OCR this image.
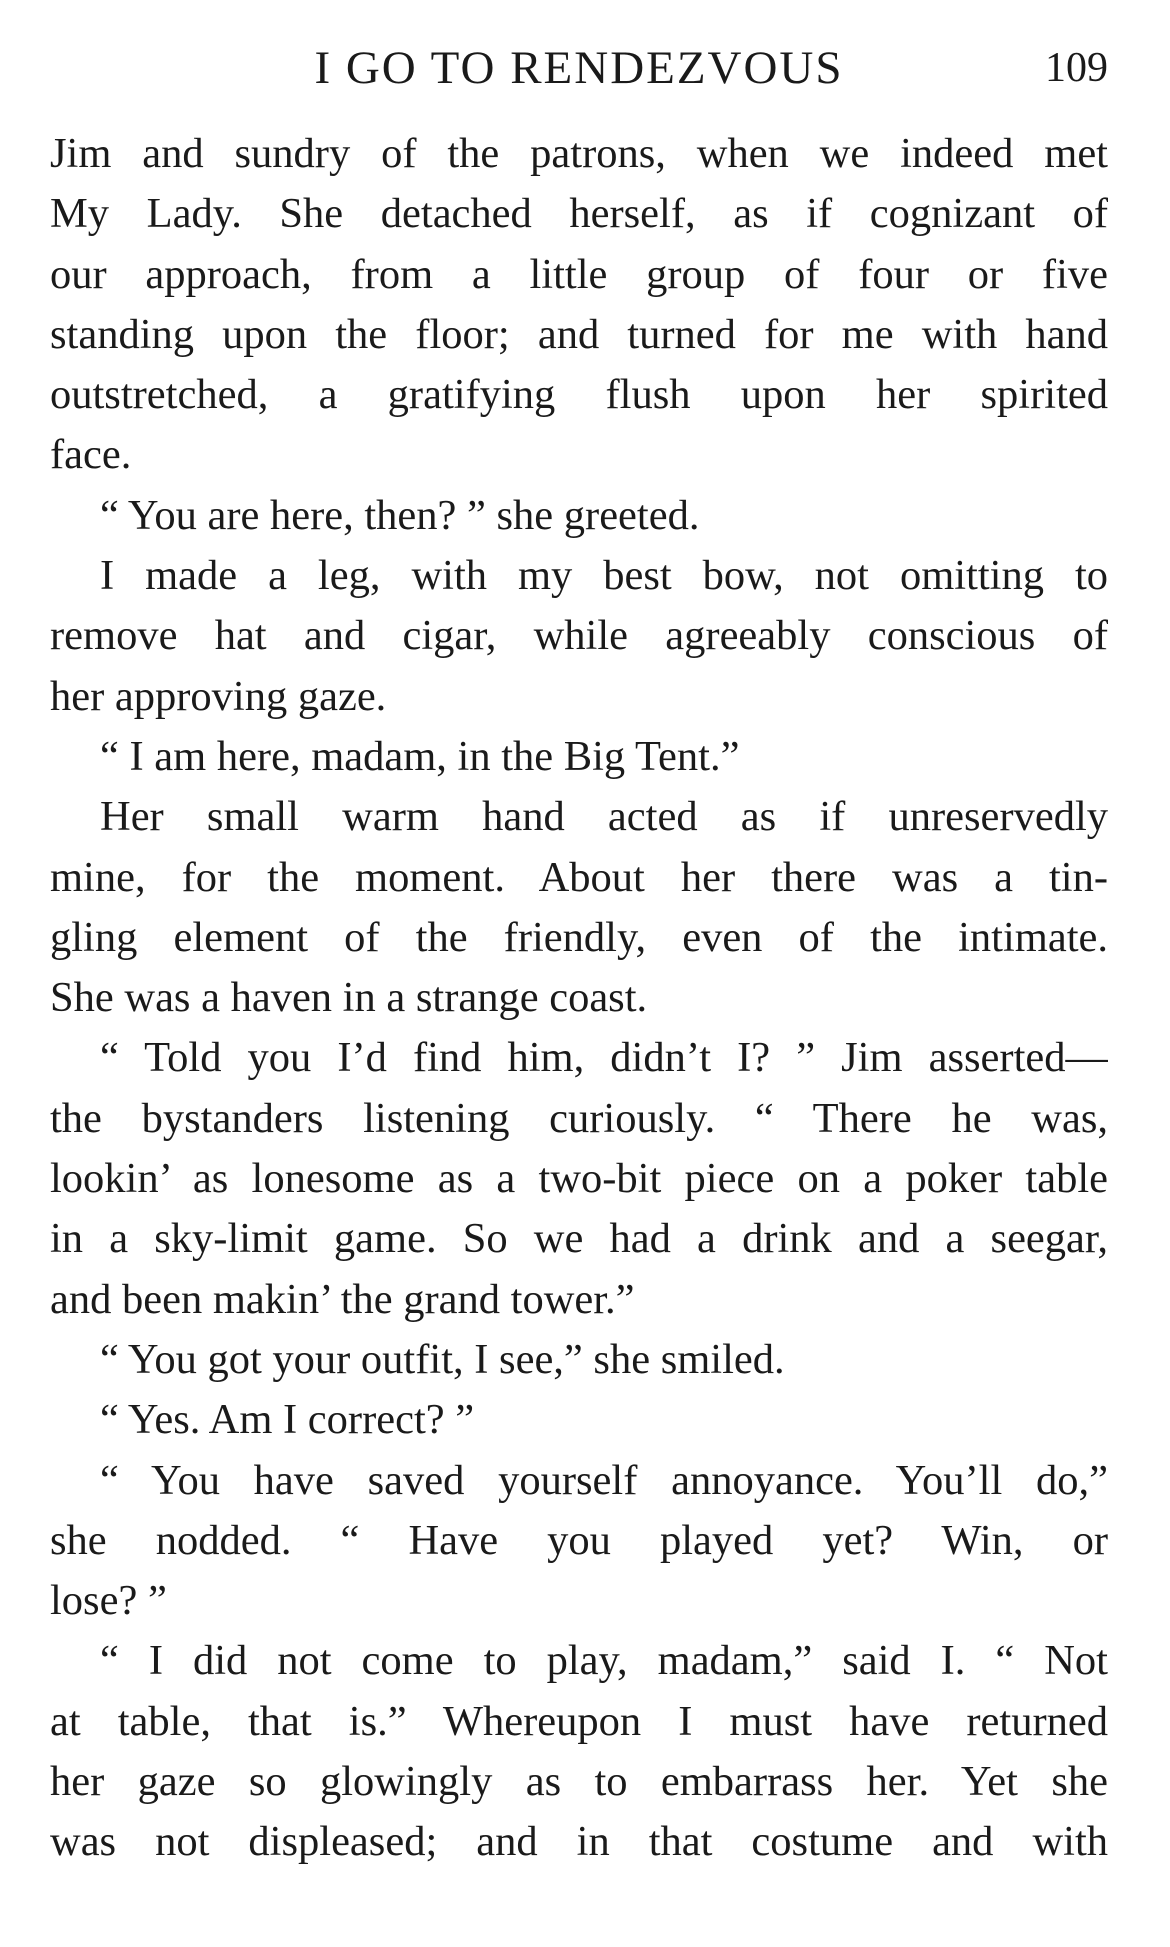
I GO TO RENDEZVOUS	109
Jim and sundry of the patrons, when we indeed met
My Lady. She detached herself, as if cognizant of
our approach, from a little group of four or five
standing upon the floor; and turned for me with hand
outstretched, a gratifying flush upon her spirited
face.
“ You are here, then? ” she greeted.
I made a leg, with my best bow, not omitting to
remove hat and cigar, while agreeably conscious of
her approving gaze.
“ I am here, madam, in the Big Tent.”
Her small warm hand acted as if unreservedly
mine, for the moment. About her there was a tin-
gling element of the friendly, even of the intimate.
She was a haven in a strange coast.
“ Told you I’d find him, didn’t I? ” Jim asserted—
the bystanders listening curiously. “ There he was,
lookin’ as lonesome as a two-bit piece on a poker table
in a sky-limit game. So we had a drink and a seegar,
and been makin’ the grand tower.”
“ You got your outfit, I see,” she smiled.
“ Yes. Am I correct? ”
“ You have saved yourself annoyance. You’ll do,”
she nodded. “ Have you played yet? Win, or
lose? ”
“ I did not come to play, madam,” said I. “ Not
at table, that is.” Whereupon I must have returned
her gaze so glowingly as to embarrass her. Yet she
was not displeased; and in that costume and with
